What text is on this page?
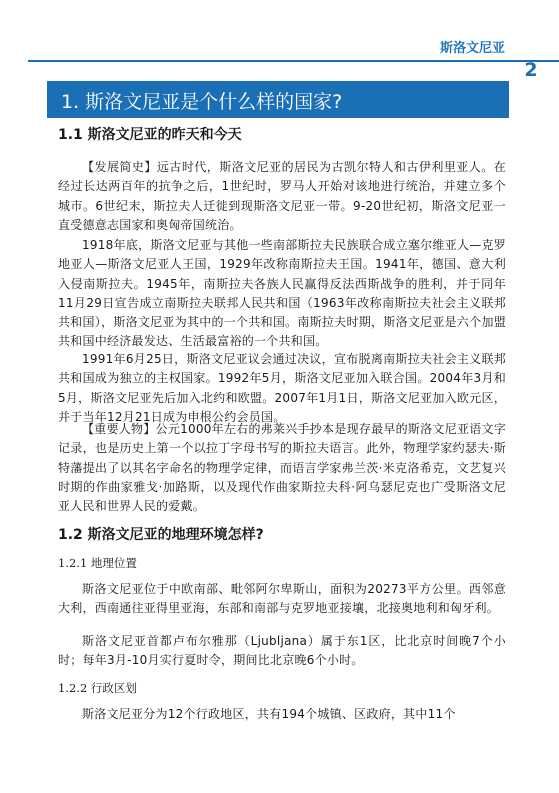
斯洛文尼亚
2
1. 斯洛文尼亚是个什么样的国家?
1.1 斯洛文尼亚的昨天和今天

【发展简史】远古时代，斯洛文尼亚的居民为古凯尔特人和古伊利里亚人。在经过长达两百年的抗争之后，1世纪时，罗马人开始对该地进行统治，并建立多个城市。6世纪末，斯拉夫人迁徙到现斯洛文尼亚一带。9-20世纪初，斯洛文尼亚一直受德意志国家和奥匈帝国统治。

1918年底，斯洛文尼亚与其他一些南部斯拉夫民族联合成立塞尔维亚人—克罗地亚人—斯洛文尼亚人王国，1929年改称南斯拉夫王国。1941年，德国、意大利入侵南斯拉夫。1945年，南斯拉夫各族人民赢得反法西斯战争的胜利，并于同年11月29日宣告成立南斯拉夫联邦人民共和国（1963年改称南斯拉夫社会主义联邦共和国），斯洛文尼亚为其中的一个共和国。南斯拉夫时期，斯洛文尼亚是六个加盟共和国中经济最发达、生活最富裕的一个共和国。

1991年6月25日，斯洛文尼亚议会通过决议，宣布脱离南斯拉夫社会主义联邦共和国成为独立的主权国家。1992年5月，斯洛文尼亚加入联合国。2004年3月和5月，斯洛文尼亚先后加入北约和欧盟。2007年1月1日，斯洛文尼亚加入欧元区，并于当年12月21日成为申根公约会员国。

【重要人物】公元1000年左右的弗莱兴手抄本是现存最早的斯洛文尼亚语文字记录，也是历史上第一个以拉丁字母书写的斯拉夫语言。此外，物理学家约瑟夫·斯特藩提出了以其名字命名的物理学定律，而语言学家弗兰茨·米克洛希克，文艺复兴时期的作曲家雅戈·加路斯，以及现代作曲家斯拉夫科·阿乌瑟尼克也广受斯洛文尼亚人民和世界人民的爱戴。

1.2 斯洛文尼亚的地理环境怎样?
1.2.1 地理位置

斯洛文尼亚位于中欧南部、毗邻阿尔卑斯山，面积为20273平方公里。西邻意大利，西南通往亚得里亚海，东部和南部与克罗地亚接壤，北接奥地利和匈牙利。

斯洛文尼亚首都卢布尔雅那（Ljubljana）属于东1区，比北京时间晚7个小时；每年3月-10月实行夏时令，期间比北京晚6个小时。

1.2.2 行政区划

斯洛文尼亚分为12个行政地区，共有194个城镇、区政府，其中11个
